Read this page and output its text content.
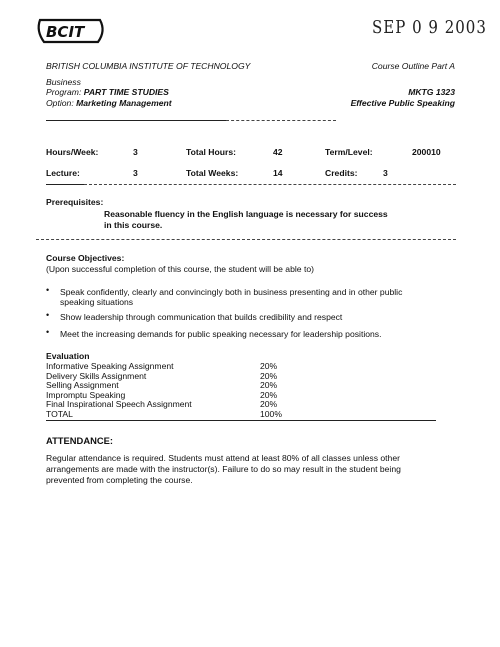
BCIT	SEP 0 9 2003
BRITISH COLUMBIA INSTITUTE OF TECHNOLOGY	Course Outline Part A
Business
Program: PART TIME STUDIES	MKTG 1323
Option: Marketing Management	Effective Public Speaking
Hours/Week:	3	Total Hours:	42	Term/Level:	200010
Lecture:	3	Total Weeks:	14	Credits:	3
Prerequisites:
Reasonable fluency in the English language is necessary for success
in this course.
Course Objectives:
(Upon successful completion of this course, the student will be able to)
• Speak confidently, clearly and convincingly both in business presenting and in other public
speaking situations
• Show leadership through communication that builds credibility and respect
• Meet the increasing demands for public speaking necessary for leadership positions.
Evaluation
Informative Speaking Assignment	20%
Delivery Skills Assignment	20%
Selling Assignment	20%
Impromptu Speaking	20%
Final Inspirational Speech Assignment	20%
TOTAL	100%
ATTENDANCE:
Regular attendance is required. Students must attend at least 80% of all classes unless other
arrangements are made with the instructor(s). Failure to do so may result in the student being
prevented from completing the course.
